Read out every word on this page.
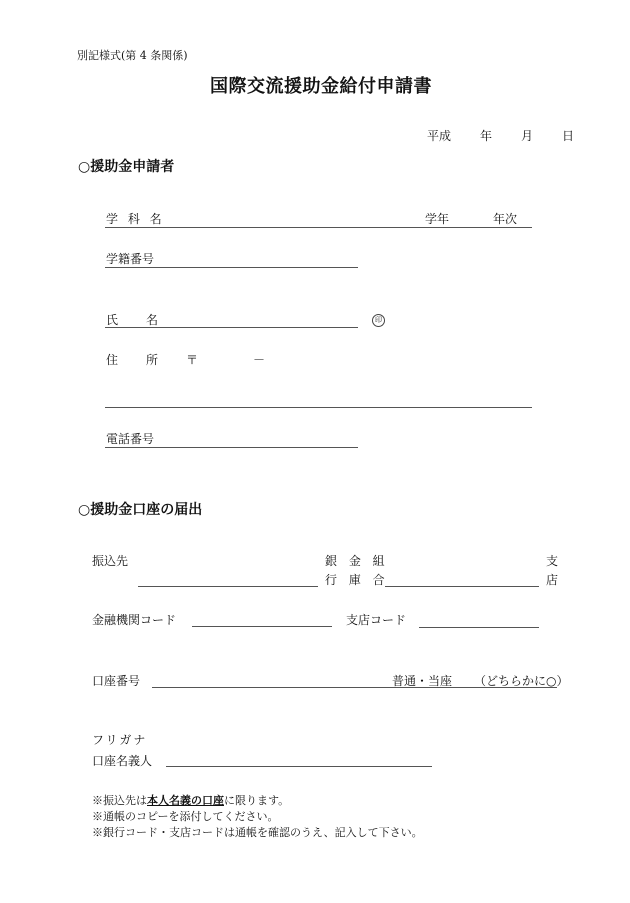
別記様式(第 4 条関係)
国際交流援助金給付申請書
平成 年 月 日
○援助金申請者
学 科 名	学年	年次
学籍番号
氏 名	印
住 所 〒	－
電話番号
○援助金口座の届出
振込先	銀 金 組
行 庫 合
支
店
金融機関コード	支店コード
口座番号	普通・当座 （どちらかに○）
フリガナ
口座名義人
※振込先は本人名義の口座に限ります。
※通帳のコピーを添付してください。
※銀行コード・支店コードは通帳を確認のうえ、記入して下さい。
